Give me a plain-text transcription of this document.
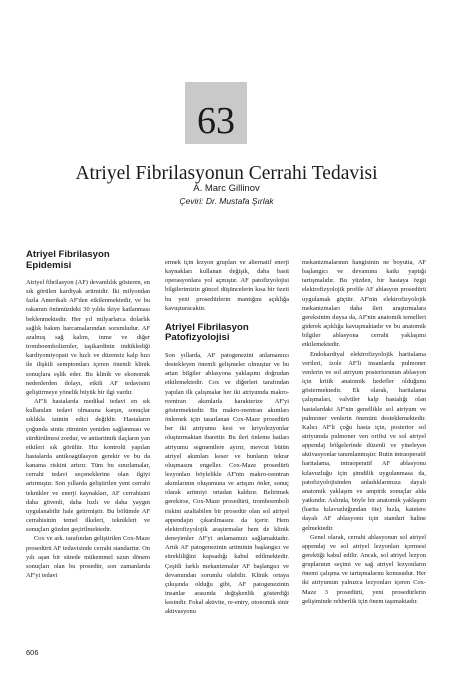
63
Atriyel Fibrilasyonun Cerrahi Tedavisi
A. Marc Gillinov
Çeviri: Dr. Mustafa Şırlak
Atriyel Fibrilasyon Epidemisi

Atriyel fibrilasyon (AF) devamlılık gösteren, en sık görülen kardiyak aritmidir. İki milyondan fazla Amerikalı AF'den etkilenmektedir, ve bu rakamın önümüzdeki 30 yılda ikiye katlanması beklenmektedir. Her yıl milyarlarca dolarlık sağlık bakım harcamalarından sorumludur. AF azalmış sağ kalım, inme ve diğer tromboembolizmler, taşikardinin indüklediği kardiyomiyopati ve hızlı ve düzensiz kalp hızı ile ilişkili semptomları içeren önemli klinik sonuçlara eşlik eder. Bu klinik ve ekonomik nedenlerden dolayı, etkili AF tedavisini geliştirmeye yönelik büyük bir ilgi vardır.

AF'li hastalarda medikal tedavi en sık kullanılan tedavi olmasına karşın, sonuçlar sıklıkla tatmin edici değildir. Hastaların çoğunda sinüs ritminin yeniden sağlanması ve sürdürülmesi zordur, ve antiaritmik ilaçların yan etkileri sık görülür. Hız kontrolü yapılan hastalarda antikoagülasyon gerekir ve bu da kanama riskini artırır. Tüm bu sınırlamalar, cerrahi tedavi seçeneklerine olan ilgiyi artırmıştır. Son yıllarda geliştirilen yeni cerrahi teknikler ve enerji kaynakları, AF cerrahisini daha güvenli, daha hızlı ve daha yaygın uygulanabilir hale getirmiştir. Bu bölümde AF cerrahisinin temel ilkeleri, teknikleri ve sonuçları gözden geçirilmektedir.

Cox ve ark. tarafından geliştirilen Cox-Maze prosedürü AF tedavisinde cerrahi standarttır. On yılı aşan bir sürede mükemmel uzun dönem sonuçları olan bu prosedür, son zamanlarda AF'yi tedavi

ermek için lezyon grupları ve alternatif enerji kaynakları kullanan değişik, daha basit operasyonlara yol açmıştır. AF patofizyolojisi bilgilerimizin güncel düşüncelerin kısa bir özeti bu yeni prosedürlerin mantığını açıklığa kavuşturacaktır.

Atriyel Fibrilasyon Patofizyolojisi

Son yıllarda, AF patogenezini anlamamızı destekleyen önemli gelişmeler olmuştur ve bu artan bilgiler ablasyona yaklaşımı doğrudan etkilemektedir. Cox ve diğerleri tarafından yapılan ilk çalışmalar her iki atriyumda makro-reentran akımlarla karakterize AF'yi göstermektedir. Bu makro-reentran akımları önlemek için tasarlanan Cox-Maze prosedürü her iki atriyumu kesi ve kriyolezyonlar oluşturmaktan ibarettir. Bu ileri önleme hatları atriyumu segmentlere ayırır, mevcut bütün atriyel akımları keser ve bunların tekrar oluşmasını engeller. Cox-Maze prosedürü lezyonları böylelikle AF'nin makro-reentran akımlarının oluşumuna ve artışını önler, sonuç olarak aritmiyi ortadan kaldırır. Belirtmek gerekirse, Cox-Maze prosedürü, tromboemboli riskini azaltabilen bir prosedür olan sol atriyel appendajın çıkarılmasını da içerir. Hem elektrofizyolojik araştırmalar hem de klinik deneyimler AF'yi anlamamızı sağlamaktadır. Artık AF patogenezinin aritminin başlangıcı ve sürekliliğini kapsadığı kabul edilmektedir. Çeşitli farklı mekanizmalar AF başlangıcı ve devamından sorumlu olabilir. Klinik ortaya çıkışında olduğu gibi, AF patogenezinin insanlar arasında değişkenlik gösterdiği kesindir. Fokal aktivite, re-entry, otonomik sinir aktivasyonu

mekanizmalarının hangisinin ne boyutta, AF başlangıcı ve devamına katkı yaptığı tartışmalıdır. Bu yüzden, bir hastaya özgü elektrofizyolojik profile AF ablasyon prosedürü uygulamak güçtür. AF'nin elektrofizyolojik mekanizmaları daha ileri araştırmalara gereksinim duysa da, AF'nin anatomik temelleri giderek açıklığa kavuşmaktadır ve bu anatomik bilgiler ablasyona cerrahi yaklaşımı etkilemektedir.

Endokardiyal elektrofizyolojik haritalama verileri, izole AF'li insanlarda pulmoner venlerin ve sol atriyum posteriorunun ablasyon için kritik anatomik hedefler olduğunu göstermektedir. Ek olarak, haritalama çalışmaları, valvüler kalp hastalığı olan hastalardaki AF'nin genellikle sol atriyum ve pulmoner venlerin önemini desteklemektedir. Kalıcı AF'li çoğu hasta için, posterior sol atriyumda pulmoner ven orifisi ve sol atriyel appendaj bölgelerinde düzenli ve yineleyen aktivasyonlar tanımlanmıştır. Rutin intraoperatif haritalama, intraoperatif AF ablasyonu kılavuzluğu için şimdilik uygulanmasa da, patofizyolojisinden anladıklarımıza dayalı anatomik yaklaşım ve ampirik sonuçlar alda yatkındır. Aslında, böyle bir anatomik yaklaşım (harita kılavuzluğundan öte) hızla, katetere dayalı AF ablasyonu için standart haline gelmektedir.

Genel olarak, cerrahi ablasyonun sol atriyel appendaj ve sol atriyel lezyonları içermesi gerektiği kabul edilir. Ancak, sol atriyel lezyon gruplarının seçimi ve sağ atriyel lezyonların önemi çalışma ve tartışmalarını konusudur. Her iki atriyumun yalnızca lezyonları içeren Cox-Maze 3 prosedürü, yeni prosedürlerin gelişiminde rehberlik için önem taşımaktadır.

606
